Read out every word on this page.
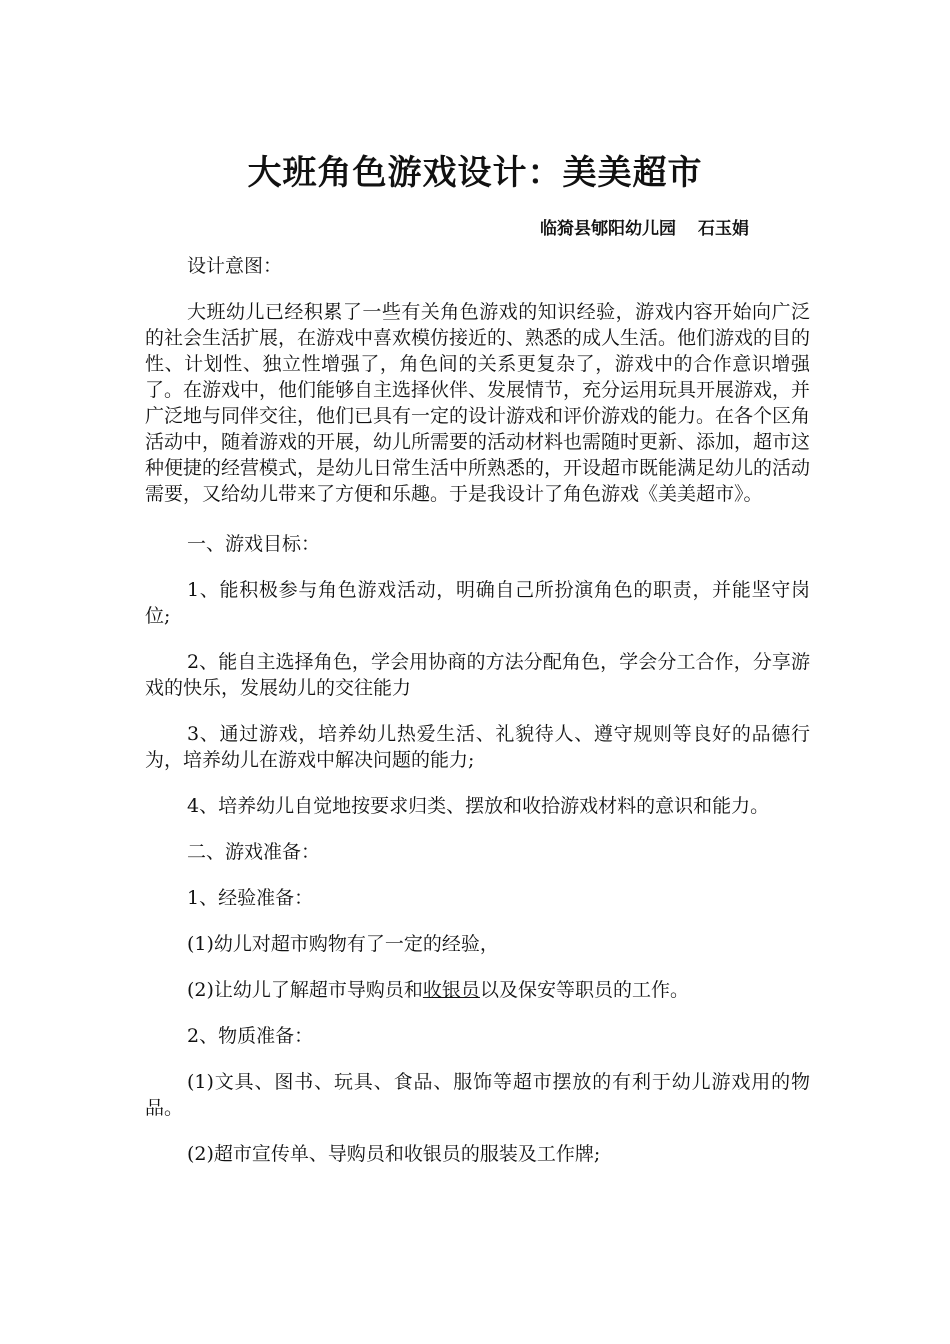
大班角色游戏设计：美美超市

临猗县郇阳幼儿园 石玉娟

设计意图：

大班幼儿已经积累了一些有关角色游戏的知识经验，游戏内容开始向广泛的社会生活扩展，在游戏中喜欢模仿接近的、熟悉的成人生活。他们游戏的目的性、计划性、独立性增强了，角色间的关系更复杂了，游戏中的合作意识增强了。在游戏中，他们能够自主选择伙伴、发展情节，充分运用玩具开展游戏，并广泛地与同伴交往，他们已具有一定的设计游戏和评价游戏的能力。在各个区角活动中，随着游戏的开展，幼儿所需要的活动材料也需随时更新、添加，超市这种便捷的经营模式，是幼儿日常生活中所熟悉的，开设超市既能满足幼儿的活动需要，又给幼儿带来了方便和乐趣。于是我设计了角色游戏《美美超市》。

一、游戏目标：

1、能积极参与角色游戏活动，明确自己所扮演角色的职责，并能坚守岗位;

2、能自主选择角色，学会用协商的方法分配角色，学会分工合作，分享游戏的快乐，发展幼儿的交往能力

3、通过游戏，培养幼儿热爱生活、礼貌待人、遵守规则等良好的品德行为，培养幼儿在游戏中解决问题的能力;

4、培养幼儿自觉地按要求归类、摆放和收拾游戏材料的意识和能力。

二、游戏准备：

1、经验准备：

(1)幼儿对超市购物有了一定的经验，

(2)让幼儿了解超市导购员和收银员以及保安等职员的工作。

2、物质准备：

(1)文具、图书、玩具、食品、服饰等超市摆放的有利于幼儿游戏用的物品。

(2)超市宣传单、导购员和收银员的服装及工作牌;
